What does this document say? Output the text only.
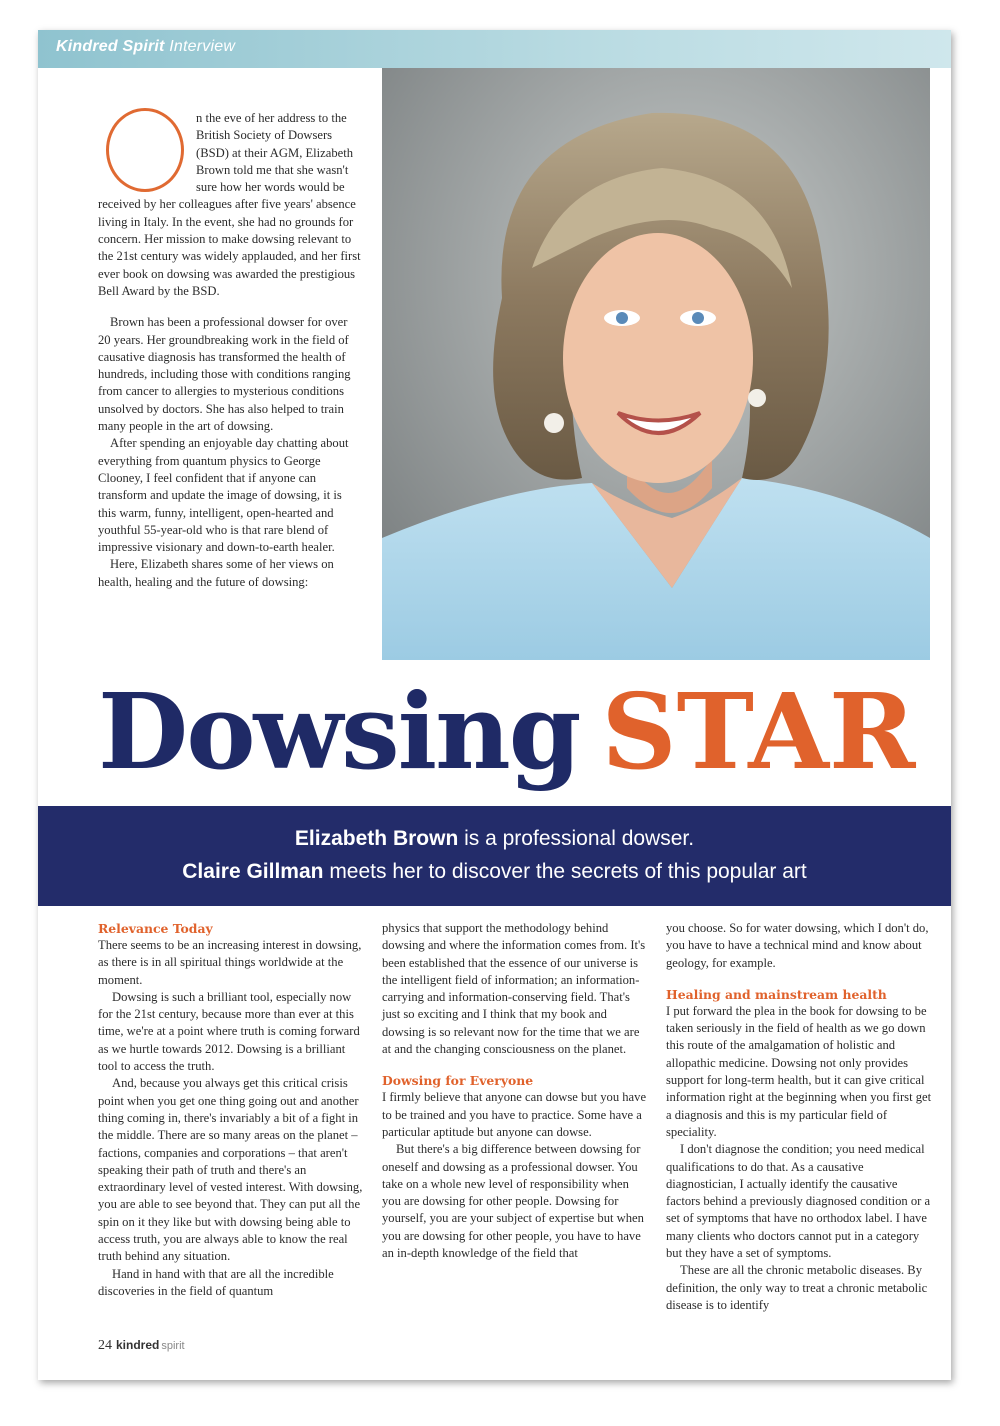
Kindred Spirit Interview

n the eve of her address to the British Society of Dowsers (BSD) at their AGM, Elizabeth Brown told me that she wasn't sure how her words would be received by her colleagues after five years' absence living in Italy. In the event, she had no grounds for concern. Her mission to make dowsing relevant to the 21st century was widely applauded, and her first ever book on dowsing was awarded the prestigious Bell Award by the BSD.

Brown has been a professional dowser for over 20 years. Her groundbreaking work in the field of causative diagnosis has transformed the health of hundreds, including those with conditions ranging from cancer to allergies to mysterious conditions unsolved by doctors. She has also helped to train many people in the art of dowsing.

After spending an enjoyable day chatting about everything from quantum physics to George Clooney, I feel confident that if anyone can transform and update the image of dowsing, it is this warm, funny, intelligent, open-hearted and youthful 55-year-old who is that rare blend of impressive visionary and down-to-earth healer.

Here, Elizabeth shares some of her views on health, healing and the future of dowsing:

Dowsing STAR
Elizabeth Brown is a professional dowser.
Claire Gillman meets her to discover the secrets of this popular art
Relevance Today

There seems to be an increasing interest in dowsing, as there is in all spiritual things worldwide at the moment.

Dowsing is such a brilliant tool, especially now for the 21st century, because more than ever at this time, we're at a point where truth is coming forward as we hurtle towards 2012. Dowsing is a brilliant tool to access the truth.

And, because you always get this critical crisis point when you get one thing going out and another thing coming in, there's invariably a bit of a fight in the middle. There are so many areas on the planet – factions, companies and corporations – that aren't speaking their path of truth and there's an extraordinary level of vested interest. With dowsing, you are able to see beyond that. They can put all the spin on it they like but with dowsing being able to access truth, you are always able to know the real truth behind any situation.

Hand in hand with that are all the incredible discoveries in the field of quantum

physics that support the methodology behind dowsing and where the information comes from. It's been established that the essence of our universe is the intelligent field of information; an information-carrying and information-conserving field. That's just so exciting and I think that my book and dowsing is so relevant now for the time that we are at and the changing consciousness on the planet.

Dowsing for Everyone

I firmly believe that anyone can dowse but you have to be trained and you have to practice. Some have a particular aptitude but anyone can dowse.

But there's a big difference between dowsing for oneself and dowsing as a professional dowser. You take on a whole new level of responsibility when you are dowsing for other people. Dowsing for yourself, you are your subject of expertise but when you are dowsing for other people, you have to have an in-depth knowledge of the field that

you choose. So for water dowsing, which I don't do, you have to have a technical mind and know about geology, for example.

Healing and mainstream health

I put forward the plea in the book for dowsing to be taken seriously in the field of health as we go down this route of the amalgamation of holistic and allopathic medicine. Dowsing not only provides support for long-term health, but it can give critical information right at the beginning when you first get a diagnosis and this is my particular field of speciality.

I don't diagnose the condition; you need medical qualifications to do that. As a causative diagnostician, I actually identify the causative factors behind a previously diagnosed condition or a set of symptoms that have no orthodox label. I have many clients who doctors cannot put in a category but they have a set of symptoms.

These are all the chronic metabolic diseases. By definition, the only way to treat a chronic metabolic disease is to identify

24 kindred spirit
